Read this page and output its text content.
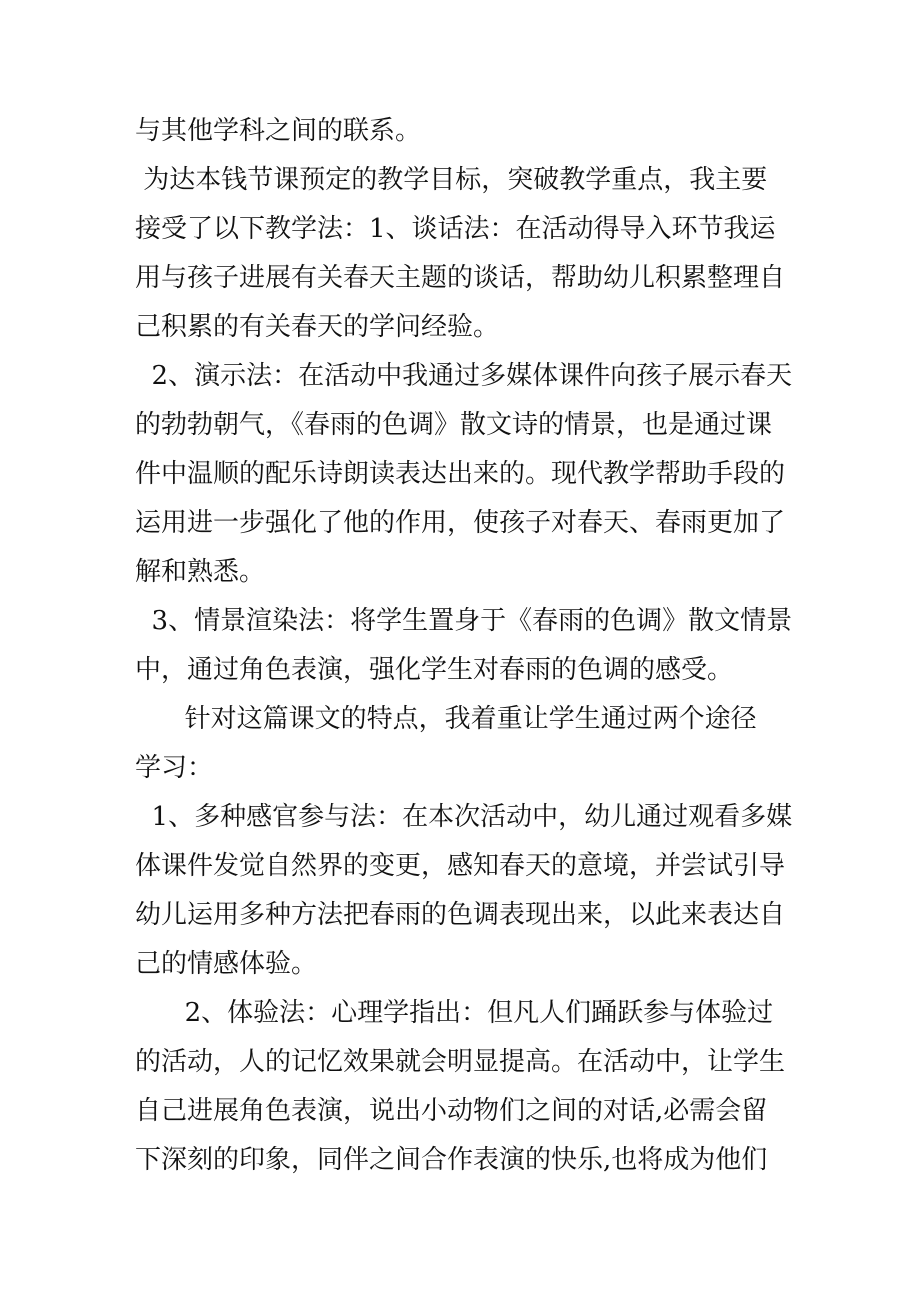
与其他学科之间的联系。
为达本钱节课预定的教学目标，突破教学重点，我主要
接受了以下教学法：1、谈话法：在活动得导入环节我运
用与孩子进展有关春天主题的谈话，帮助幼儿积累整理自
己积累的有关春天的学问经验。
2、演示法：在活动中我通过多媒体课件向孩子展示春天
的勃勃朝气，《春雨的色调》散文诗的情景，也是通过课
件中温顺的配乐诗朗读表达出来的。现代教学帮助手段的
运用进一步强化了他的作用，使孩子对春天、春雨更加了
解和熟悉。
3、情景渲染法：将学生置身于《春雨的色调》散文情景
中，通过角色表演，强化学生对春雨的色调的感受。
针对这篇课文的特点，我着重让学生通过两个途径
学习：
1、多种感官参与法：在本次活动中，幼儿通过观看多媒
体课件发觉自然界的变更，感知春天的意境，并尝试引导
幼儿运用多种方法把春雨的色调表现出来，以此来表达自
己的情感体验。
2、体验法：心理学指出：但凡人们踊跃参与体验过
的活动，人的记忆效果就会明显提高。在活动中，让学生
自己进展角色表演，说出小动物们之间的对话,必需会留
下深刻的印象，同伴之间合作表演的快乐,也将成为他们
